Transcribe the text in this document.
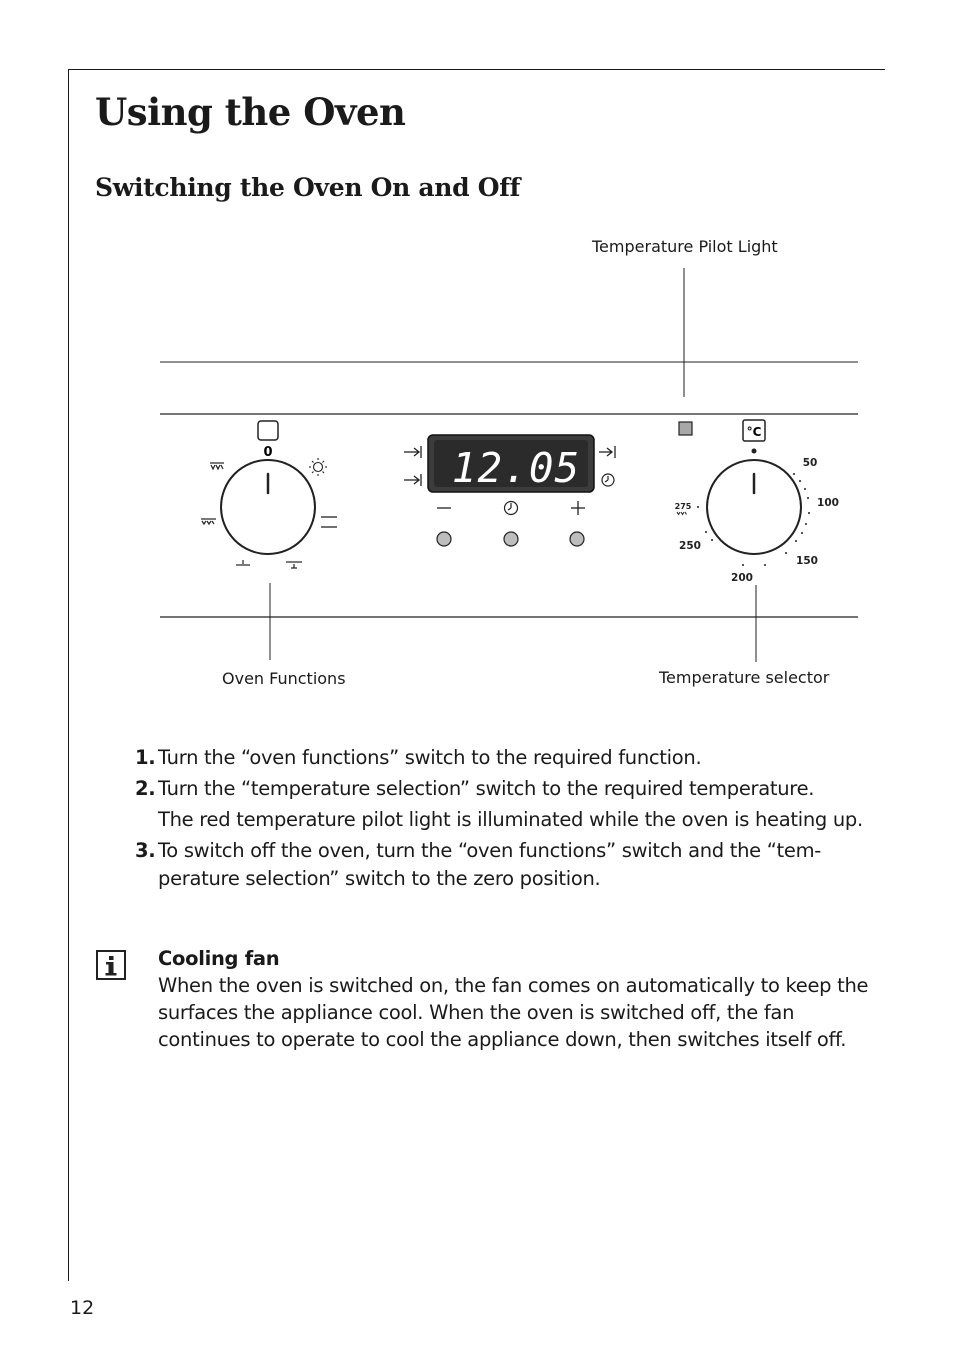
Using the Oven
Switching the Oven On and Off
0	12.05
°C
50
100
150
200
250
275
Temperature Pilot Light
Oven Functions	Temperature selector
1. Turn the “oven functions” switch to the required function.

2. Turn the “temperature selection” switch to the required temperature.

The red temperature pilot light is illuminated while the oven is heating up.

3. To switch off the oven, turn the “oven functions” switch and the “tem-perature selection” switch to the zero position.

Cooling fan
When the oven is switched on, the fan comes on automatically to keep the surfaces the appliance cool. When the oven is switched off, the fan continues to operate to cool the appliance down, then switches itself off.
12
